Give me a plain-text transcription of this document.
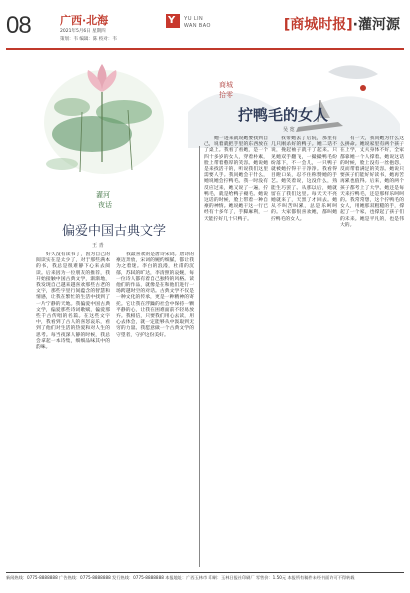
08	广西·北海
2021年5月6日 星期四
策划：韦 编辑：陈 校对：韦
Y YU LIN
WAN BAO	[商城时报]·灌河源
灌河
夜话
商城
拾零
偏爱中国古典文学
王 青
拧鸭毛的女人
吴 宽

好久没有读书了，因为自己的阅读实在是太少了，对于那些满本的书，我总是很难静下心来去阅读。后来因为一位朋友的推荐，我开始接触中国古典文学，渐渐地，我发现自己越来越喜欢那些古老的文字，那些字里行间蕴含的智慧和情感，让我在繁忙的生活中找到了一片宁静的天地。我偏爱中国古典文学，偏爱那些诗词歌赋，偏爱那些千古传唱的名篇。在这些文字中，我看到了古人的喜怒哀乐，看到了他们对生活的热爱和对人生的思考。每当夜深人静的时候，我总会拿起一本诗集，细细品味其中的韵味。

我最喜欢的是唐诗宋词。唐诗的豪迈奔放，宋词的婉约细腻，都让我为之着迷。李白的浪漫，杜甫的沉郁，苏轼的旷达，李清照的哀婉，每一位诗人都有着自己独特的风格。读他们的作品，就像是在和他们进行一场跨越时空的对话。古典文学不仅是一种文化的传承，更是一种精神的寄托。它让我在浮躁的社会中保持一颗平静的心，让我在困难面前不轻易放弃。我相信，只要我们用心去读，用心去体会，就一定能够从中汲取到无穷的力量。我愿意做一个古典文学的守望者，守护这份美好。

她一进来就说她要找到自己，说着就把手里的东西放在了桌上。我看了看她，是一个四十多岁的女人，穿着朴素，脸上带着憨厚的笑容。她说她是来找活干的，听说我们这里需要人手。我问她会干什么，她说她会拧鸭毛。我一时没有反应过来，她又说了一遍，拧鸭毛，就是给鸭子褪毛。她说这话的时候，脸上带着一种自豪的神情。她说她干这一行已经有十多年了，手脚麻利，一天能拧好几十只鸭子。

我带她去了后院，那里有几只刚杀好的鸭子。她二话不说，挽起袖子就干了起来。只见她双手翻飞，一撮撮鸭毛纷纷落下，不一会儿，一只鸭子就被她拧得干干净净。我看得目瞪口呆，忍不住称赞她的手艺。她笑着说，这没什么，熟能生巧罢了。从那以后，她就留在了我们这里。每天天不亮她就来了，天黑了才回去。她从不叫苦叫累，总是乐呵呵的。大家都很喜欢她，都叫她拧鸭毛的女人。

有一天，我问她为什么这么拼命。她说家里有两个孩子在上学，丈夫身体不好，全家都靠她一个人撑着。她说这话的时候，脸上没有一丝抱怨，反而带着满足的笑容。她说只要孩子们能好好读书，她再苦再累也值得。后来，她的两个孩子都考上了大学。她还是每天来拧鸭毛，还是那样乐呵呵的。我常常想，这个拧鸭毛的女人，用她那双粗糙的手，撑起了一个家，也撑起了孩子们的未来。她是平凡的，也是伟大的。

新闻热线：0775-8888888 广告热线：0775-8888888 发行热线：0775-8888888 本报地址：广西玉林市 印刷：玉林日报社印刷厂 零售价：1.50元 本报所有稿件未经书面许可不得转载
